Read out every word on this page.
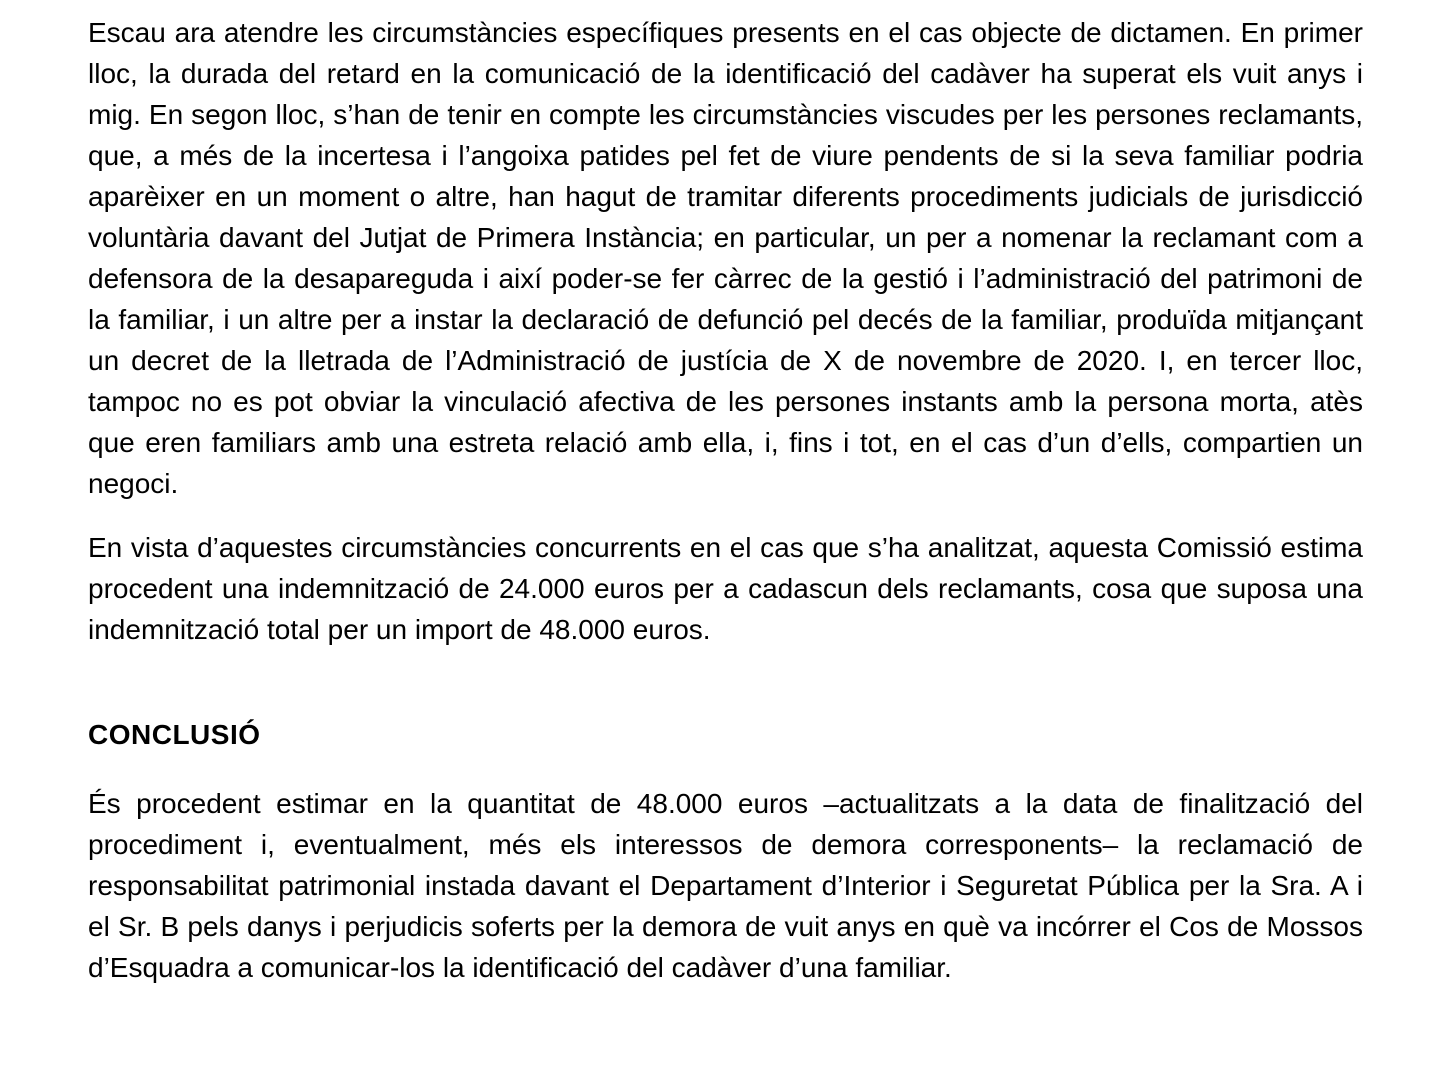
Escau ara atendre les circumstàncies específiques presents en el cas objecte de dictamen. En primer lloc, la durada del retard en la comunicació de la identificació del cadàver ha superat els vuit anys i mig. En segon lloc, s’han de tenir en compte les circumstàncies viscudes per les persones reclamants, que, a més de la incertesa i l’angoixa patides pel fet de viure pendents de si la seva familiar podria aparèixer en un moment o altre, han hagut de tramitar diferents procediments judicials de jurisdicció voluntària davant del Jutjat de Primera Instància; en particular, un per a nomenar la reclamant com a defensora de la desapareguda i així poder-se fer càrrec de la gestió i l’administració del patrimoni de la familiar, i un altre per a instar la declaració de defunció pel decés de la familiar, produïda mitjançant un decret de la lletrada de l’Administració de justícia de X de novembre de 2020. I, en tercer lloc, tampoc no es pot obviar la vinculació afectiva de les persones instants amb la persona morta, atès que eren familiars amb una estreta relació amb ella, i, fins i tot, en el cas d’un d’ells, compartien un negoci.

En vista d’aquestes circumstàncies concurrents en el cas que s’ha analitzat, aquesta Comissió estima procedent una indemnització de 24.000 euros per a cadascun dels reclamants, cosa que suposa una indemnització total per un import de 48.000 euros.

CONCLUSIÓ

És procedent estimar en la quantitat de 48.000 euros –actualitzats a la data de finalització del procediment i, eventualment, més els interessos de demora corresponents– la reclamació de responsabilitat patrimonial instada davant el Departament d’Interior i Seguretat Pública per la Sra. A i el Sr. B pels danys i perjudicis soferts per la demora de vuit anys en què va incórrer el Cos de Mossos d’Esquadra a comunicar-los la identificació del cadàver d’una familiar.
